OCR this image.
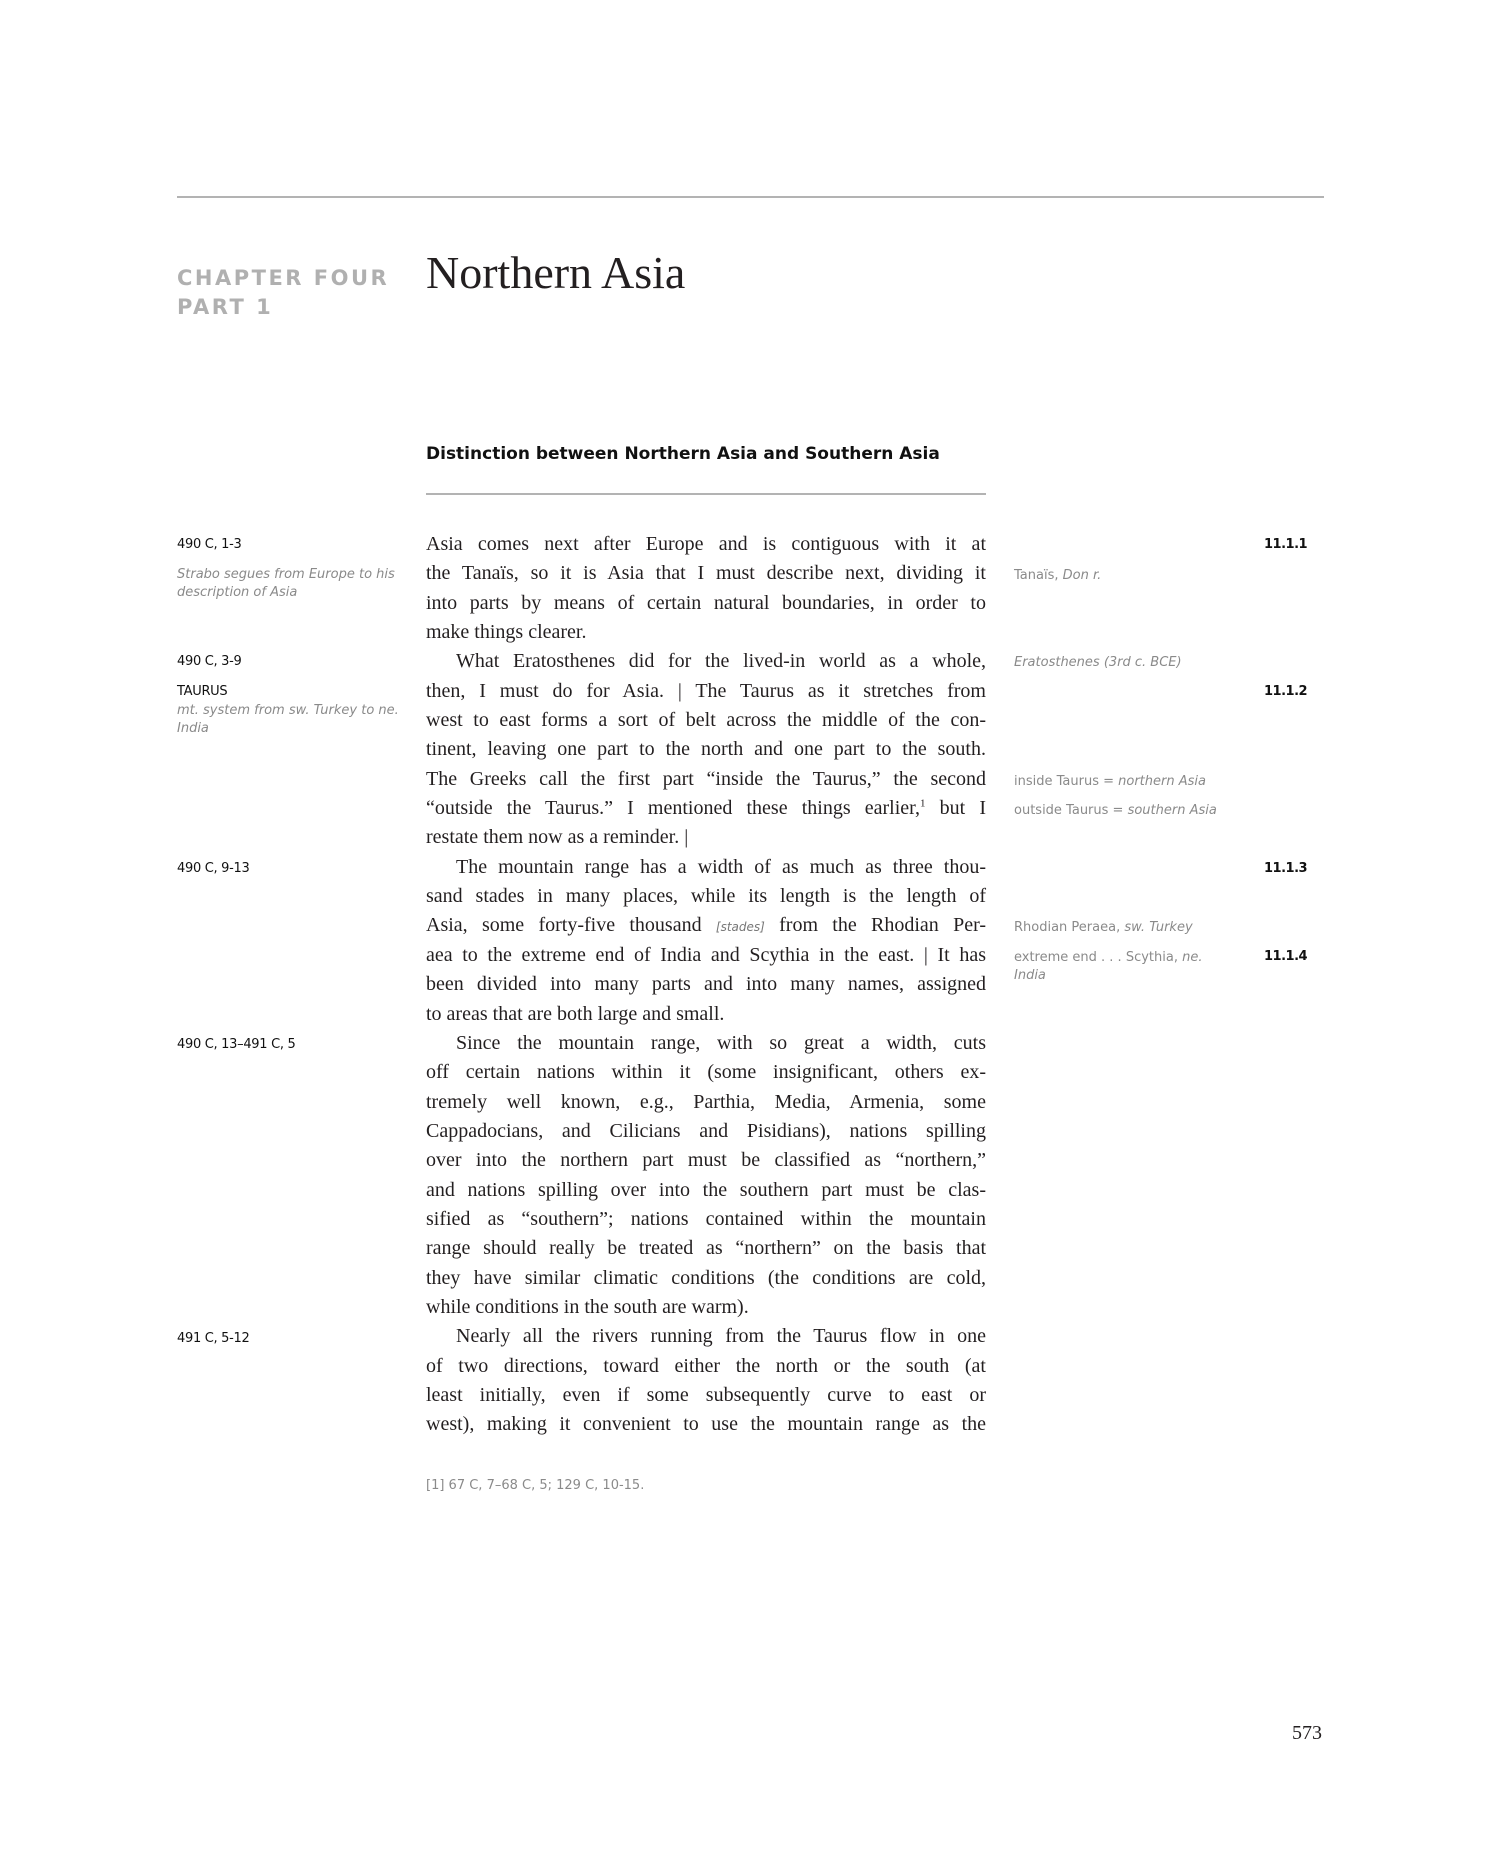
CHAPTER FOUR
PART 1
Northern Asia
Distinction between Northern Asia and Southern Asia
Asia comes next after Europe and is contiguous with it at
the Tanaïs, so it is Asia that I must describe next, dividing it
into parts by means of certain natural boundaries, in order to
make things clearer.
What Eratosthenes did for the lived-in world as a whole,
then, I must do for Asia. | The Taurus as it stretches from
west to east forms a sort of belt across the middle of the con-
tinent, leaving one part to the north and one part to the south.
The Greeks call the first part “inside the Taurus,” the second
“outside the Taurus.” I mentioned these things earlier,$^1$ but I
restate them now as a reminder. |
The mountain range has a width of as much as three thou-
sand stades in many places, while its length is the length of
Asia, some forty-five thousand [stades] from the Rhodian Per-
aea to the extreme end of India and Scythia in the east. | It has
been divided into many parts and into many names, assigned
to areas that are both large and small.
Since the mountain range, with so great a width, cuts
off certain nations within it (some insignificant, others ex-
tremely well known, e.g., Parthia, Media, Armenia, some
Cappadocians, and Cilicians and Pisidians), nations spilling
over into the northern part must be classified as “northern,”
and nations spilling over into the southern part must be clas-
sified as “southern”; nations contained within the mountain
range should really be treated as “northern” on the basis that
they have similar climatic conditions (the conditions are cold,
while conditions in the south are warm).
Nearly all the rivers running from the Taurus flow in one
of two directions, toward either the north or the south (at
least initially, even if some subsequently curve to east or
west), making it convenient to use the mountain range as the
490 C, 1-3
Strabo segues from Europe to his description of Asia
490 C, 3-9
TAURUS
mt. system from sw. Turkey to ne. India
490 C, 9-13
490 C, 13–491 C, 5
491 C, 5-12
Tanaïs, Don r.
Eratosthenes (3rd c. BCE)
inside Taurus = northern Asia
outside Taurus = southern Asia
Rhodian Peraea, sw. Turkey
extreme end . . . Scythia, ne. India
11.1.1
11.1.2
11.1.3
11.1.4
[1] 67 C, 7–68 C, 5; 129 C, 10-15.
573
